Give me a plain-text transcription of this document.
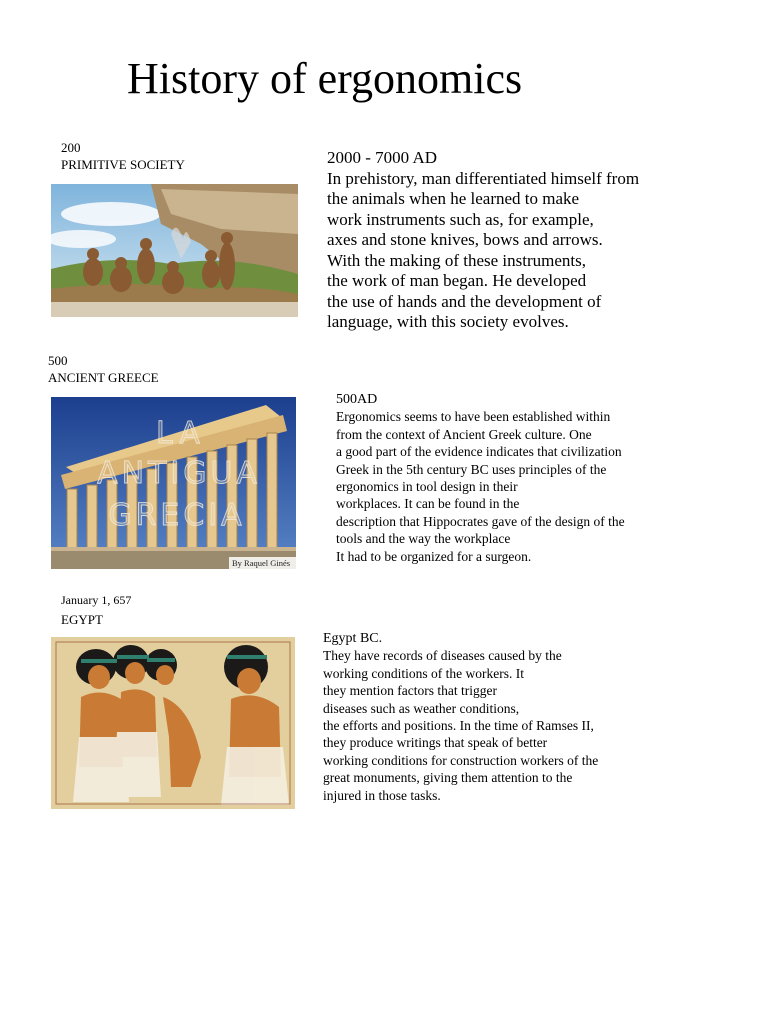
History of ergonomics
200
PRIMITIVE SOCIETY	2000 - 7000 AD
In prehistory, man differentiated himself from
the animals when he learned to make
work instruments such as, for example,
axes and stone knives, bows and arrows.
With the making of these instruments,
the work of man began. He developed
the use of hands and the development of
language, with this society evolves.
500
ANCIENT GREECE
LA
ANTIGUA
GRECIA
By Raquel Ginés
500AD
Ergonomics seems to have been established within
from the context of Ancient Greek culture. One
a good part of the evidence indicates that civilization
Greek in the 5th century BC uses principles of the
ergonomics in tool design in their
workplaces. It can be found in the
description that Hippocrates gave of the design of the
tools and the way the workplace
It had to be organized for a surgeon.
January 1, 657
EGYPT
Egypt BC.
They have records of diseases caused by the
working conditions of the workers. It
they mention factors that trigger
diseases such as weather conditions,
the efforts and positions. In the time of Ramses II,
they produce writings that speak of better
working conditions for construction workers of the
great monuments, giving them attention to the
injured in those tasks.
